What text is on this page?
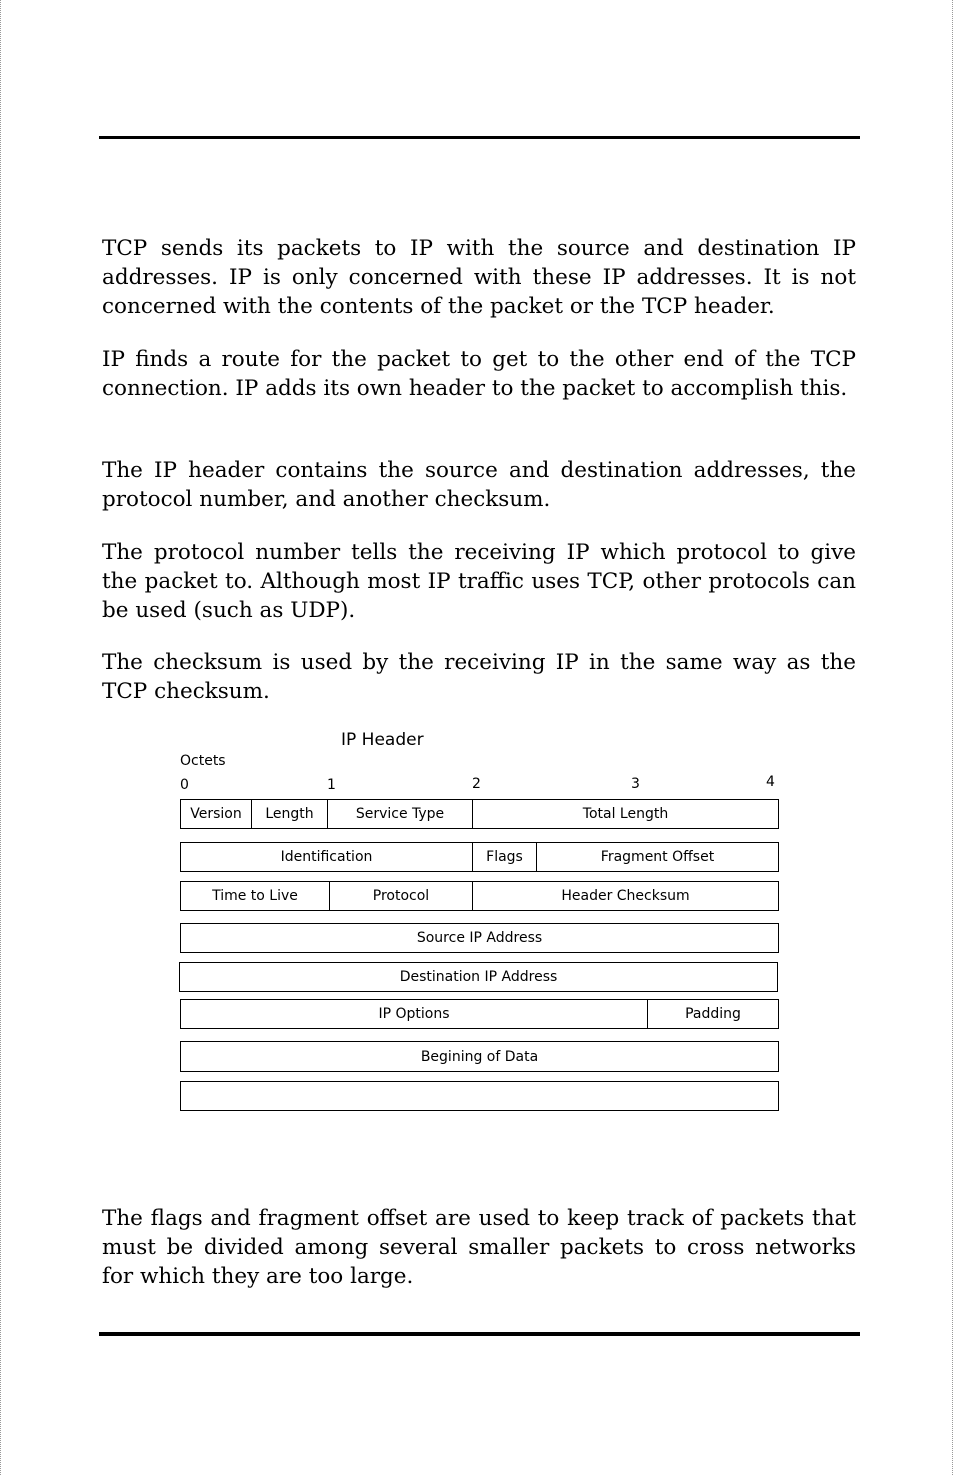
TCP sends its packets to IP with the source and destination IP addresses. IP is only concerned with these IP addresses. It is not concerned with the contents of the packet or the TCP header.

IP finds a route for the packet to get to the other end of the TCP connection. IP adds its own header to the packet to accomplish this.

The IP header contains the source and destination addresses, the protocol number, and another checksum.

The protocol number tells the receiving IP which protocol to give the packet to. Although most IP traffic uses TCP, other protocols can be used (such as UDP).

The checksum is used by the receiving IP in the same way as the TCP checksum.

IP Header
Octets
0	1	2	3	4
Version	Length	Service Type	Total Length
Identification	Flags	Fragment Offset
Time to Live	Protocol	Header Checksum
Source IP Address
Destination IP Address
IP Options	Padding
Begining of Data

The flags and fragment offset are used to keep track of packets that must be divided among several smaller packets to cross networks for which they are too large.
